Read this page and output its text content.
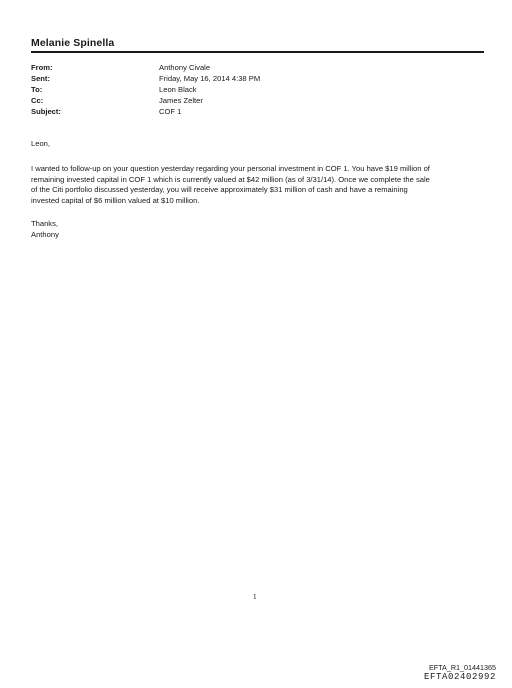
Melanie Spinella
From:	Anthony Civale
Sent:	Friday, May 16, 2014 4:38 PM
To:	Leon Black
Cc:	James Zelter
Subject:	COF 1

Leon,

I wanted to follow-up on your question yesterday regarding your personal investment in COF 1. You have $19 million of
remaining invested capital in COF 1 which is currently valued at $42 million (as of 3/31/14). Once we complete the sale
of the Citi portfolio discussed yesterday, you will receive approximately $31 million of cash and have a remaining
invested capital of $6 million valued at $10 million.

Thanks,
Anthony

1
EFTA_R1_01441365
EFTA02402992
